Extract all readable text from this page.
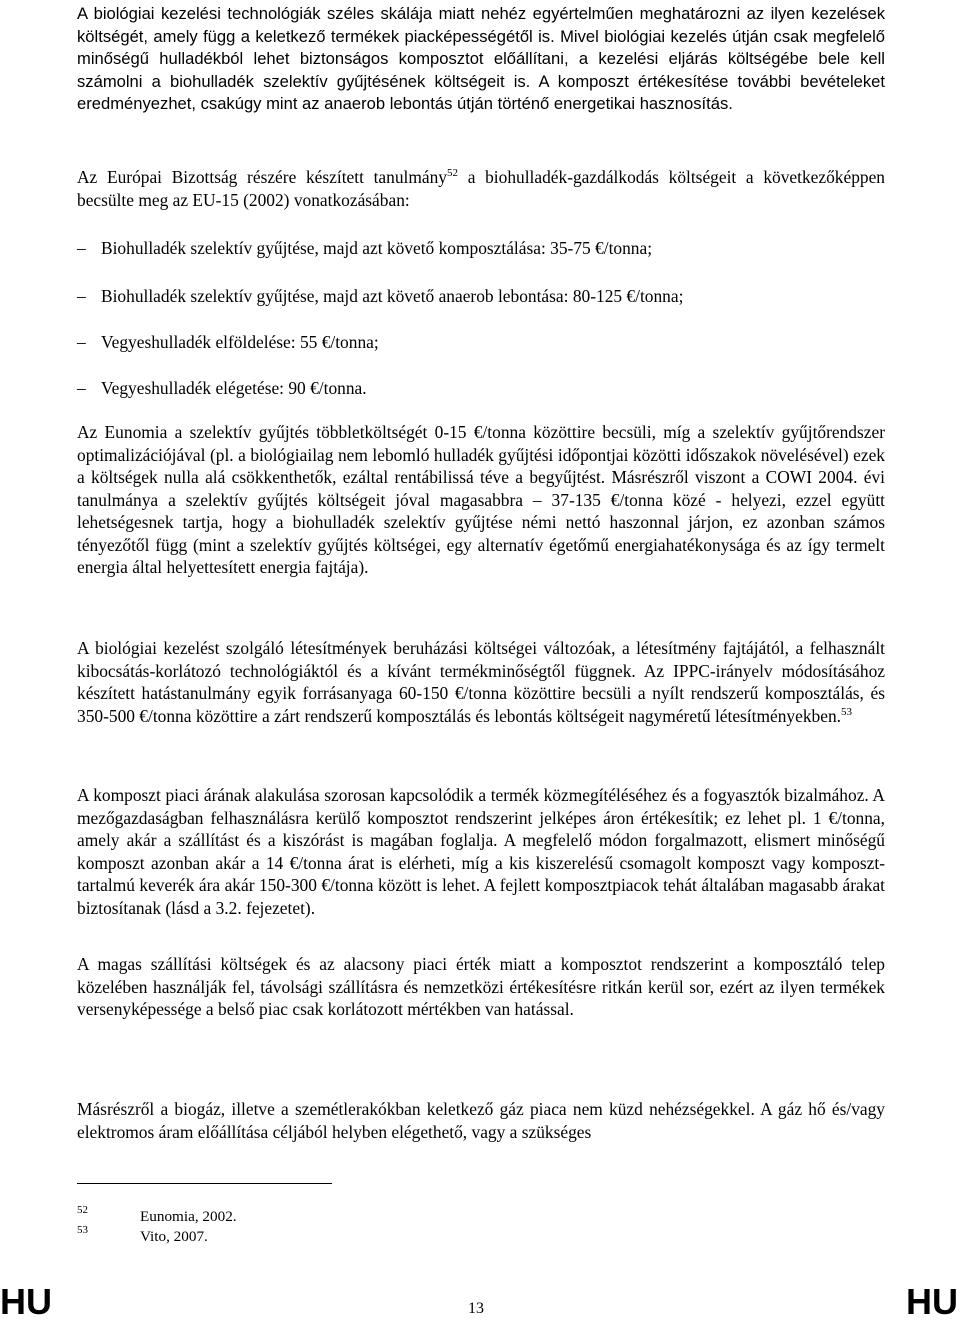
A biológiai kezelési technológiák széles skálája miatt nehéz egyértelműen meghatározni az ilyen kezelések költségét, amely függ a keletkező termékek piacképességétől is. Mivel biológiai kezelés útján csak megfelelő minőségű hulladékból lehet biztonságos komposztot előállítani, a kezelési eljárás költségébe bele kell számolni a biohulladék szelektív gyűjtésének költségeit is. A komposzt értékesítése további bevételeket eredményezhet, csakúgy mint az anaerob lebontás útján történő energetikai hasznosítás.

Az Európai Bizottság részére készített tanulmány$^{52}$ a biohulladék-gazdálkodás költségeit a következőképpen becsülte meg az EU-15 (2002) vonatkozásában:

– Biohulladék szelektív gyűjtése, majd azt követő komposztálása: 35-75 €/tonna;
– Biohulladék szelektív gyűjtése, majd azt követő anaerob lebontása: 80-125 €/tonna;
– Vegyeshulladék elföldelése: 55 €/tonna;
– Vegyeshulladék elégetése: 90 €/tonna.

Az Eunomia a szelektív gyűjtés többletköltségét 0-15 €/tonna közöttire becsüli, míg a szelektív gyűjtőrendszer optimalizációjával (pl. a biológiailag nem lebomló hulladék gyűjtési időpontjai közötti időszakok növelésével) ezek a költségek nulla alá csökkenthetők, ezáltal rentábilissá téve a begyűjtést. Másrészről viszont a COWI 2004. évi tanulmánya a szelektív gyűjtés költségeit jóval magasabbra – 37-135 €/tonna közé - helyezi, ezzel együtt lehetségesnek tartja, hogy a biohulladék szelektív gyűjtése némi nettó haszonnal járjon, ez azonban számos tényezőtől függ (mint a szelektív gyűjtés költségei, egy alternatív égetőmű energiahatékonysága és az így termelt energia által helyettesített energia fajtája).

A biológiai kezelést szolgáló létesítmények beruházási költségei változóak, a létesítmény fajtájától, a felhasznált kibocsátás-korlátozó technológiáktól és a kívánt termékminőségtől függnek. Az IPPC-irányelv módosításához készített hatástanulmány egyik forrásanyaga 60-150 €/tonna közöttire becsüli a nyílt rendszerű komposztálás, és 350-500 €/tonna közöttire a zárt rendszerű komposztálás és lebontás költségeit nagyméretű létesítményekben.$^{53}$

A komposzt piaci árának alakulása szorosan kapcsolódik a termék közmegítéléséhez és a fogyasztók bizalmához. A mezőgazdaságban felhasználásra kerülő komposztot rendszerint jelképes áron értékesítik; ez lehet pl. 1 €/tonna, amely akár a szállítást és a kiszórást is magában foglalja. A megfelelő módon forgalmazott, elismert minőségű komposzt azonban akár a 14 €/tonna árat is elérheti, míg a kis kiszerelésű csomagolt komposzt vagy komposzt-tartalmú keverék ára akár 150-300 €/tonna között is lehet. A fejlett komposztpiacok tehát általában magasabb árakat biztosítanak (lásd a 3.2. fejezetet).

A magas szállítási költségek és az alacsony piaci érték miatt a komposztot rendszerint a komposztáló telep közelében használják fel, távolsági szállításra és nemzetközi értékesítésre ritkán kerül sor, ezért az ilyen termékek versenyképessége a belső piac csak korlátozott mértékben van hatással.

Másrészről a biogáz, illetve a szemétlerakókban keletkező gáz piaca nem küzd nehézségekkel. A gáz hő és/vagy elektromos áram előállítása céljából helyben elégethető, vagy a szükséges

52	Eunomia, 2002.
53	Vito, 2007.
HU	13	HU
